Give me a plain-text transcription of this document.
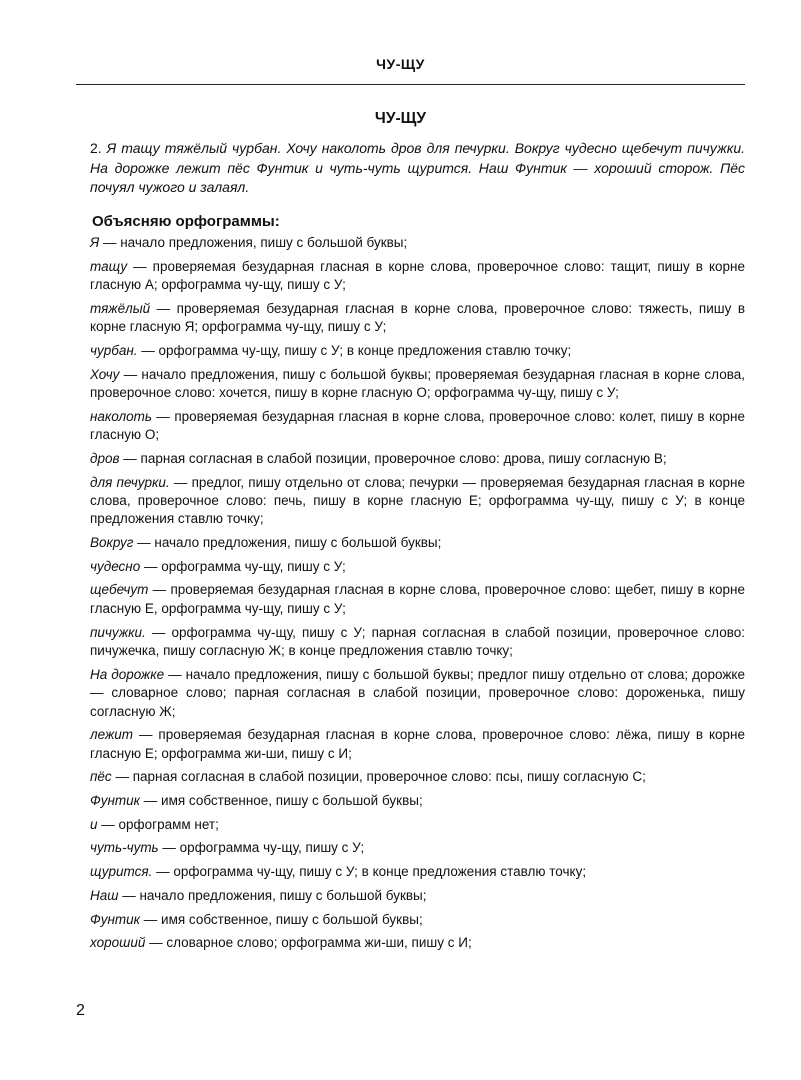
ЧУ-ЩУ
ЧУ-ЩУ
2. Я тащу тяжёлый чурбан. Хочу наколоть дров для печурки. Вокруг чудесно щебечут пичужки. На дорожке лежит пёс Фунтик и чуть-чуть щурится. Наш Фунтик — хороший сторож. Пёс почуял чужого и залаял.
Объясняю орфограммы:
Я — начало предложения, пишу с большой буквы;
тащу — проверяемая безударная гласная в корне слова, проверочное слово: тащит, пишу в корне гласную А; орфограмма чу-щу, пишу с У;
тяжёлый — проверяемая безударная гласная в корне слова, проверочное слово: тяжесть, пишу в корне гласную Я; орфограмма чу-щу, пишу с У;
чурбан. — орфограмма чу-щу, пишу с У; в конце предложения ставлю точку;
Хочу — начало предложения, пишу с большой буквы; проверяемая безударная гласная в корне слова, проверочное слово: хочется, пишу в корне гласную О; орфограмма чу-щу, пишу с У;
наколоть — проверяемая безударная гласная в корне слова, проверочное слово: колет, пишу в корне гласную О;
дров — парная согласная в слабой позиции, проверочное слово: дрова, пишу согласную В;
для печурки. — предлог, пишу отдельно от слова; печурки — проверяемая безударная гласная в корне слова, проверочное слово: печь, пишу в корне гласную Е; орфограмма чу-щу, пишу с У; в конце предложения ставлю точку;
Вокруг — начало предложения, пишу с большой буквы;
чудесно — орфограмма чу-щу, пишу с У;
щебечут — проверяемая безударная гласная в корне слова, проверочное слово: щебет, пишу в корне гласную Е, орфограмма чу-щу, пишу с У;
пичужки. — орфограмма чу-щу, пишу с У; парная согласная в слабой позиции, проверочное слово: пичужечка, пишу согласную Ж; в конце предложения ставлю точку;
На дорожке — начало предложения, пишу с большой буквы; предлог пишу отдельно от слова; дорожке — словарное слово; парная согласная в слабой позиции, проверочное слово: дороженька, пишу согласную Ж;
лежит — проверяемая безударная гласная в корне слова, проверочное слово: лёжа, пишу в корне гласную Е; орфограмма жи-ши, пишу с И;
пёс — парная согласная в слабой позиции, проверочное слово: псы, пишу согласную С;
Фунтик — имя собственное, пишу с большой буквы;
и — орфограмм нет;
чуть-чуть — орфограмма чу-щу, пишу с У;
щурится. — орфограмма чу-щу, пишу с У; в конце предложения ставлю точку;
Наш — начало предложения, пишу с большой буквы;
Фунтик — имя собственное, пишу с большой буквы;
хороший — словарное слово; орфограмма жи-ши, пишу с И;
2
